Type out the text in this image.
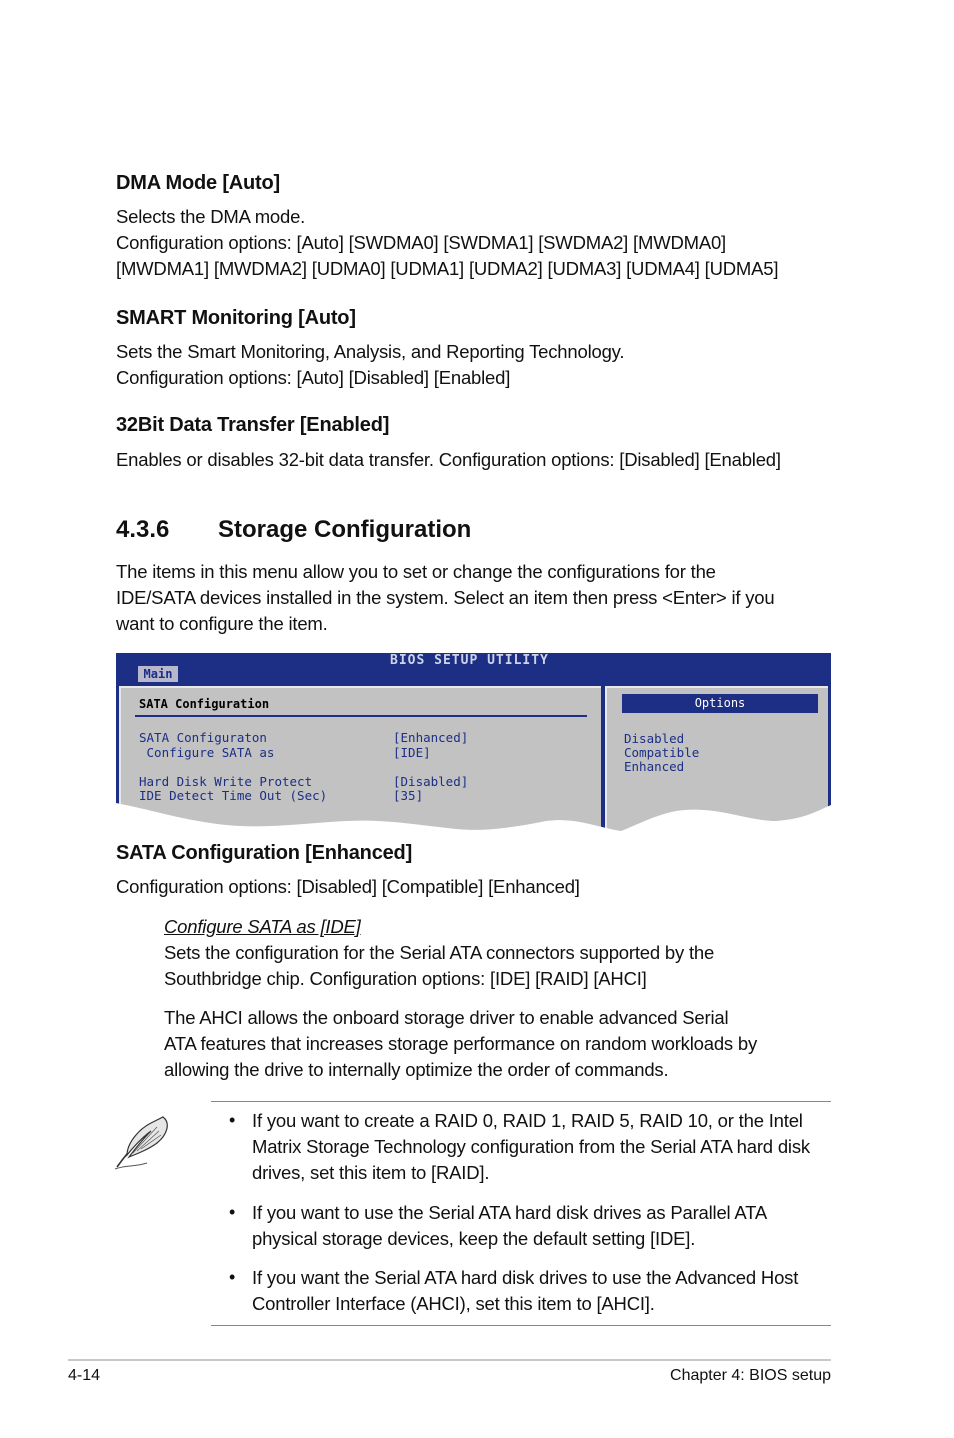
DMA Mode [Auto]
Selects the DMA mode.
Configuration options: [Auto] [SWDMA0] [SWDMA1] [SWDMA2] [MWDMA0]
[MWDMA1] [MWDMA2] [UDMA0] [UDMA1] [UDMA2] [UDMA3] [UDMA4] [UDMA5]
SMART Monitoring [Auto]
Sets the Smart Monitoring, Analysis, and Reporting Technology.
Configuration options: [Auto] [Disabled] [Enabled]
32Bit Data Transfer [Enabled]
Enables or disables 32-bit data transfer. Configuration options: [Disabled] [Enabled]
4.3.6 Storage Configuration
The items in this menu allow you to set or change the configurations for the
IDE/SATA devices installed in the system. Select an item then press <Enter> if you
want to configure the item.
BIOS SETUP UTILITY
Main
SATA Configuration
SATA Configuraton	[Enhanced]
Configure SATA as	[IDE]
Hard Disk Write Protect	[Disabled]
IDE Detect Time Out (Sec)	[35]
Options
Disabled
Compatible
Enhanced
SATA Configuration [Enhanced]
Configuration options: [Disabled] [Compatible] [Enhanced]
Configure SATA as [IDE]
Sets the configuration for the Serial ATA connectors supported by the
Southbridge chip. Configuration options: [IDE] [RAID] [AHCI]
The AHCI allows the onboard storage driver to enable advanced Serial
ATA features that increases storage performance on random workloads by
allowing the drive to internally optimize the order of commands.
• If you want to create a RAID 0, RAID 1, RAID 5, RAID 10, or the Intel Matrix Storage Technology configuration from the Serial ATA hard disk drives, set this item to [RAID].
• If you want to use the Serial ATA hard disk drives as Parallel ATA physical storage devices, keep the default setting [IDE].
• If you want the Serial ATA hard disk drives to use the Advanced Host Controller Interface (AHCI), set this item to [AHCI].
4-14	Chapter 4: BIOS setup
